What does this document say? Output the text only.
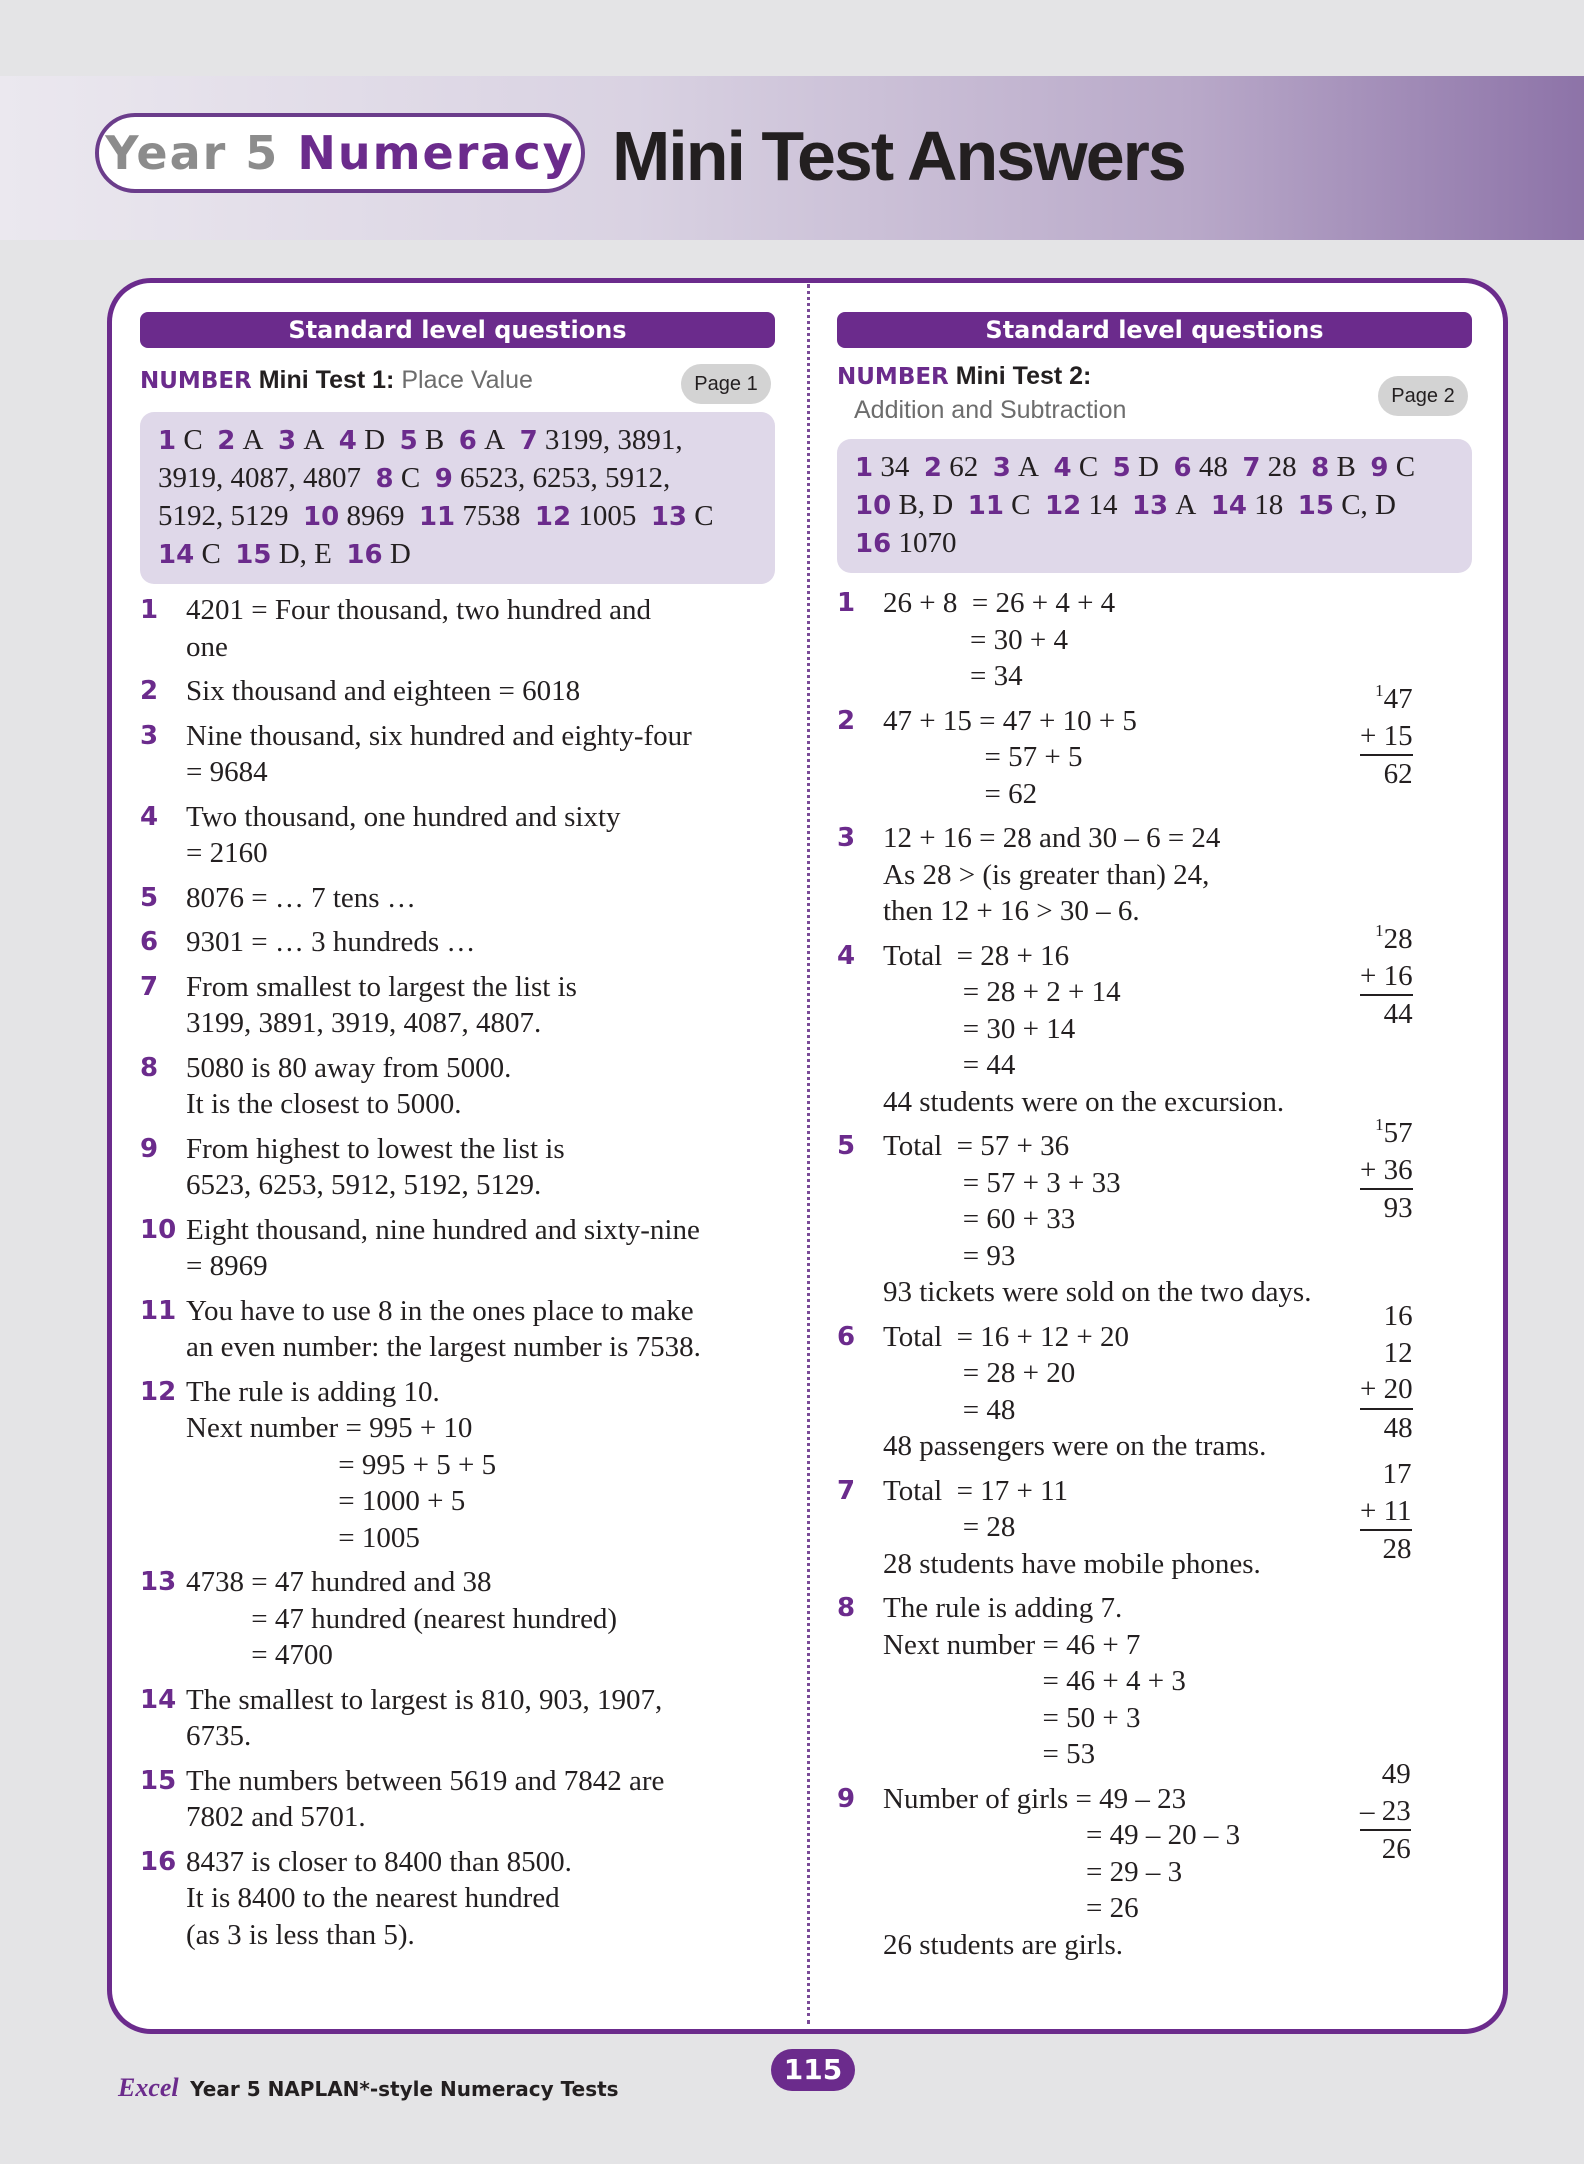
Year 5 Numeracy Mini Test Answers
Standard level questions
NUMBER Mini Test 1: Place Value	Page 1
1 C 2 A 3 A 4 D 5 B 6 A 7 3199, 3891,
3919, 4087, 4807 8 C 9 6523, 6253, 5912,
5192, 5129 10 8969 11 7538 12 1005 13 C
14 C 15 D, E 16 D
1 4201 = Four thousand, two hundred and
one
2 Six thousand and eighteen = 6018
3 Nine thousand, six hundred and eighty-four
= 9684
4 Two thousand, one hundred and sixty
= 2160
5 8076 = … 7 tens …
6 9301 = … 3 hundreds …
7 From smallest to largest the list is
3199, 3891, 3919, 4087, 4807.
8 5080 is 80 away from 5000.
It is the closest to 5000.
9 From highest to lowest the list is
6523, 6253, 5912, 5192, 5129.
10 Eight thousand, nine hundred and sixty-nine
= 8969
11 You have to use 8 in the ones place to make
an even number: the largest number is 7538.
12 The rule is adding 10.
Next number = 995 + 10
= 995 + 5 + 5
= 1000 + 5
= 1005
13 4738 = 47 hundred and 38
= 47 hundred (nearest hundred)
= 4700
14 The smallest to largest is 810, 903, 1907,
6735.
15 The numbers between 5619 and 7842 are
7802 and 5701.
16 8437 is closer to 8400 than 8500.
It is 8400 to the nearest hundred
(as 3 is less than 5).
Standard level questions
NUMBER Mini Test 2:
Addition and Subtraction	Page 2
1 34 2 62 3 A 4 C 5 D 6 48 7 28 8 B 9 C
10 B, D 11 C 12 14 13 A 14 18 15 C, D
16 1070
1 26 + 8  = 26 + 4 + 4
= 30 + 4
= 34
2 47 + 15 = 47 + 10 + 5
= 57 + 5
= 62
3 12 + 16 = 28 and 30 – 6 = 24
As 28 > (is greater than) 24,
then 12 + 16 > 30 – 6.
4 Total  = 28 + 16
= 28 + 2 + 14
= 30 + 14
= 44
44 students were on the excursion.
5 Total  = 57 + 36
= 57 + 3 + 33
= 60 + 33
= 93
93 tickets were sold on the two days.
6 Total  = 16 + 12 + 20
= 28 + 20
= 48
48 passengers were on the trams.
7 Total  = 17 + 11
= 28
28 students have mobile phones.
8 The rule is adding 7.
Next number = 46 + 7
= 46 + 4 + 3
= 50 + 3
= 53
9 Number of girls = 49 – 23
= 49 – 20 – 3
= 29 – 3
= 26
26 students are girls.
$^1$47
+ 15
62
$^1$28
+ 16
44
$^1$57
+ 36
93
16
12
+ 20
48
17
+ 11
28
49
– 23
26
Excel Year 5 NAPLAN*-style Numeracy Tests
115
